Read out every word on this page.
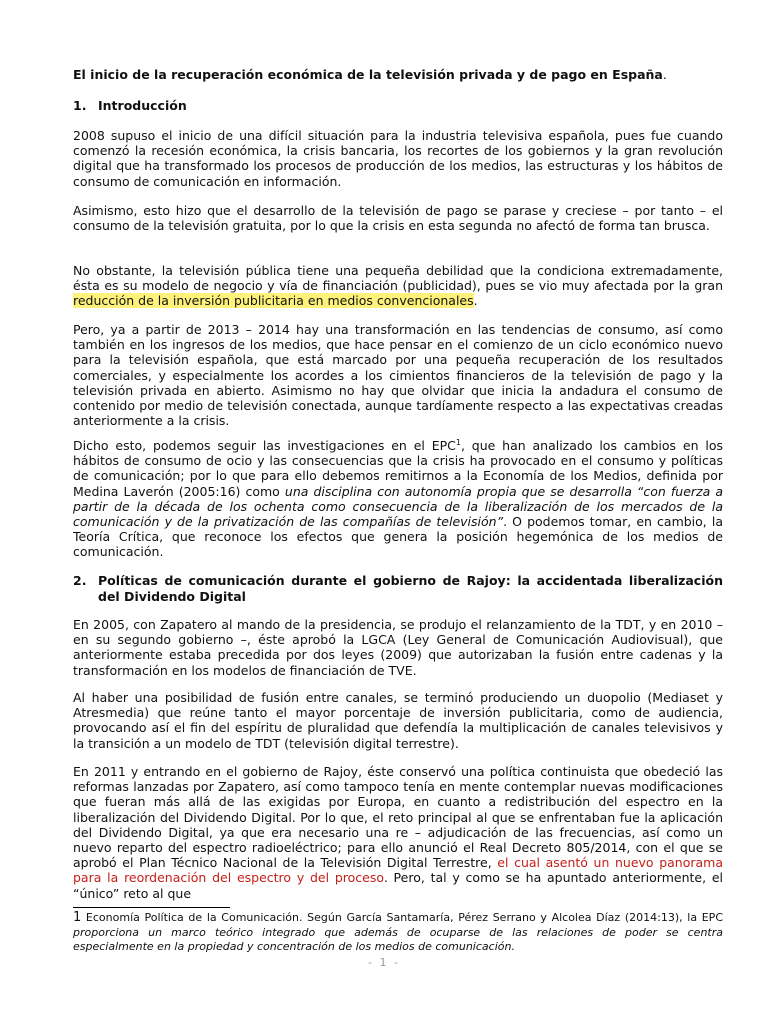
El inicio de la recuperación económica de la televisión privada y de pago en España.
1. Introducción
2008 supuso el inicio de una difícil situación para la industria televisiva española, pues fue cuando comenzó la recesión económica, la crisis bancaria, los recortes de los gobiernos y la gran revolución digital que ha transformado los procesos de producción de los medios, las estructuras y los hábitos de consumo de comunicación en información.
Asimismo, esto hizo que el desarrollo de la televisión de pago se parase y creciese – por tanto – el consumo de la televisión gratuita, por lo que la crisis en esta segunda no afectó de forma tan brusca.
No obstante, la televisión pública tiene una pequeña debilidad que la condiciona extremadamente, ésta es su modelo de negocio y vía de financiación (publicidad), pues se vio muy afectada por la gran reducción de la inversión publicitaria en medios convencionales.
Pero, ya a partir de 2013 – 2014 hay una transformación en las tendencias de consumo, así como también en los ingresos de los medios, que hace pensar en el comienzo de un ciclo económico nuevo para la televisión española, que está marcado por una pequeña recuperación de los resultados comerciales, y especialmente los acordes a los cimientos financieros de la televisión de pago y la televisión privada en abierto. Asimismo no hay que olvidar que inicia la andadura el consumo de contenido por medio de televisión conectada, aunque tardíamente respecto a las expectativas creadas anteriormente a la crisis.
Dicho esto, podemos seguir las investigaciones en el EPC$^1$, que han analizado los cambios en los hábitos de consumo de ocio y las consecuencias que la crisis ha provocado en el consumo y políticas de comunicación; por lo que para ello debemos remitirnos a la Economía de los Medios, definida por Medina Laverón (2005:16) como una disciplina con autonomía propia que se desarrolla “con fuerza a partir de la década de los ochenta como consecuencia de la liberalización de los mercados de la comunicación y de la privatización de las compañías de televisión”. O podemos tomar, en cambio, la Teoría Crítica, que reconoce los efectos que genera la posición hegemónica de los medios de comunicación.
2. Políticas de comunicación durante el gobierno de Rajoy: la accidentada liberalización del Dividendo Digital
En 2005, con Zapatero al mando de la presidencia, se produjo el relanzamiento de la TDT, y en 2010 – en su segundo gobierno –, éste aprobó la LGCA (Ley General de Comunicación Audiovisual), que anteriormente estaba precedida por dos leyes (2009) que autorizaban la fusión entre cadenas y la transformación en los modelos de financiación de TVE.
Al haber una posibilidad de fusión entre canales, se terminó produciendo un duopolio (Mediaset y Atresmedia) que reúne tanto el mayor porcentaje de inversión publicitaria, como de audiencia, provocando así el fin del espíritu de pluralidad que defendía la multiplicación de canales televisivos y la transición a un modelo de TDT (televisión digital terrestre).
En 2011 y entrando en el gobierno de Rajoy, éste conservó una política continuista que obedeció las reformas lanzadas por Zapatero, así como tampoco tenía en mente contemplar nuevas modificaciones que fueran más allá de las exigidas por Europa, en cuanto a redistribución del espectro en la liberalización del Dividendo Digital. Por lo que, el reto principal al que se enfrentaban fue la aplicación del Dividendo Digital, ya que era necesario una re – adjudicación de las frecuencias, así como un nuevo reparto del espectro radioeléctrico; para ello anunció el Real Decreto 805/2014, con el que se aprobó el Plan Técnico Nacional de la Televisión Digital Terrestre, el cual asentó un nuevo panorama para la reordenación del espectro y del proceso. Pero, tal y como se ha apuntado anteriormente, el “único” reto al que
1 Economía Política de la Comunicación. Según García Santamaría, Pérez Serrano y Alcolea Díaz (2014:13), la EPC proporciona un marco teórico integrado que además de ocuparse de las relaciones de poder se centra especialmente en la propiedad y concentración de los medios de comunicación.
- 1 -
